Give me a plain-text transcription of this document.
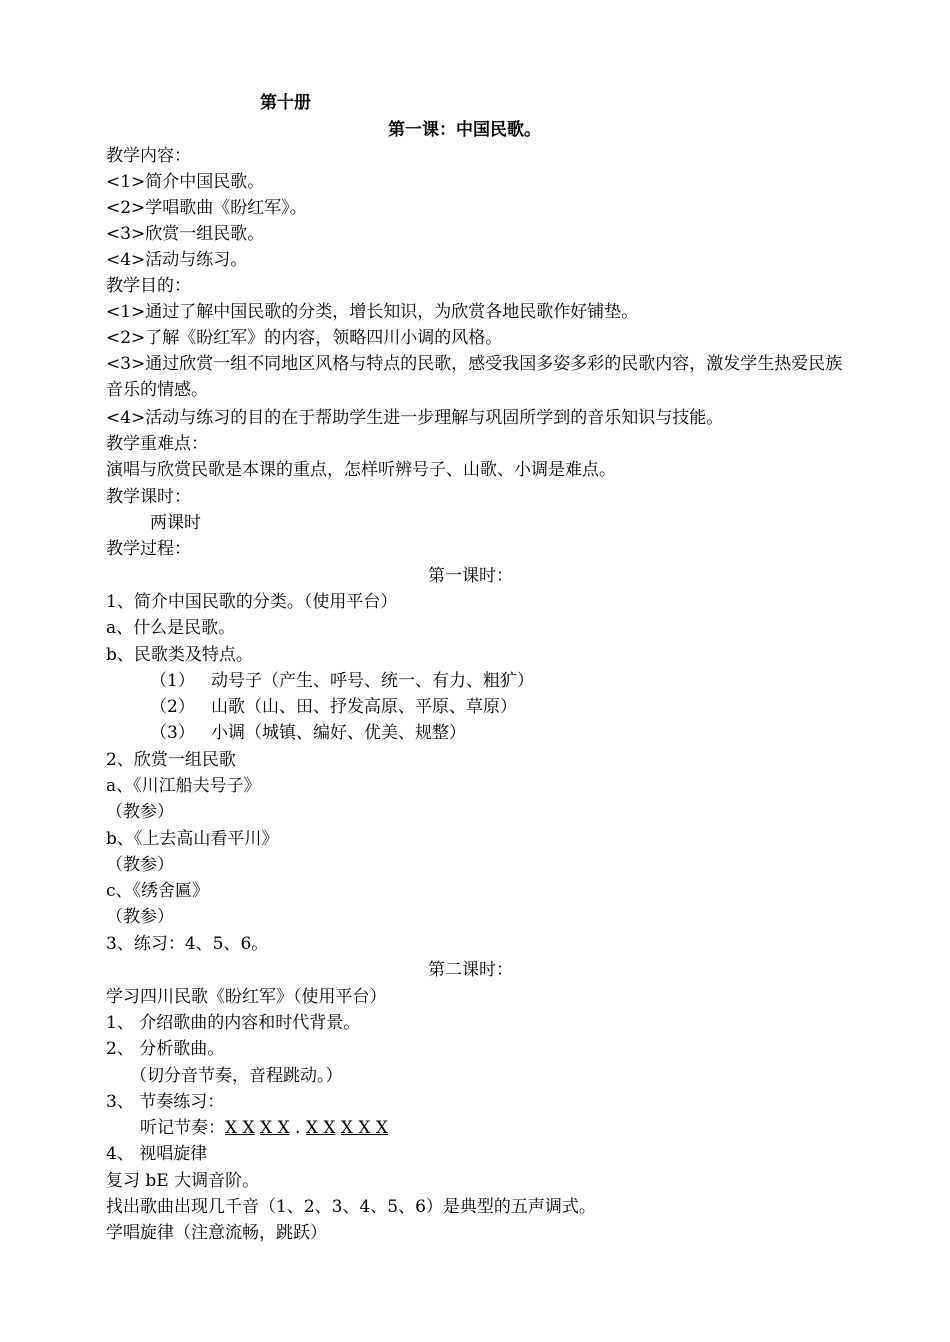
第十册
第一课：中国民歌。
教学内容：
<1>简介中国民歌。
<2>学唱歌曲《盼红军》。
<3>欣赏一组民歌。
<4>活动与练习。
教学目的：
<1>通过了解中国民歌的分类，增长知识，为欣赏各地民歌作好铺垫。
<2>了解《盼红军》的内容，领略四川小调的风格。
<3>通过欣赏一组不同地区风格与特点的民歌，感受我国多姿多彩的民歌内容，激发学生热爱民族音乐的情感。
<4>活动与练习的目的在于帮助学生进一步理解与巩固所学到的音乐知识与技能。
教学重难点：
演唱与欣赏民歌是本课的重点，怎样听辨号子、山歌、小调是难点。
教学课时：
两课时
教学过程：
第一课时：
1、简介中国民歌的分类。（使用平台）
a、什么是民歌。
b、民歌类及特点。
（1） 动号子（产生、呼号、统一、有力、粗犷）
（2） 山歌（山、田、抒发高原、平原、草原）
（3） 小调（城镇、编好、优美、规整）
2、欣赏一组民歌
a、《川江船夫号子》
（教参）
b、《上去高山看平川》
（教参）
c、《绣舍匾》
（教参）
3、练习：4、5、6。
第二课时：
学习四川民歌《盼红军》（使用平台）
1、 介绍歌曲的内容和时代背景。
2、 分析歌曲。
（切分音节奏，音程跳动。）
3、 节奏练习：
听记节奏：X X X X . X X X X X
4、 视唱旋律
复习 bE 大调音阶。
找出歌曲出现几千音（1、2、3、4、5、6）是典型的五声调式。
学唱旋律（注意流畅，跳跃）
